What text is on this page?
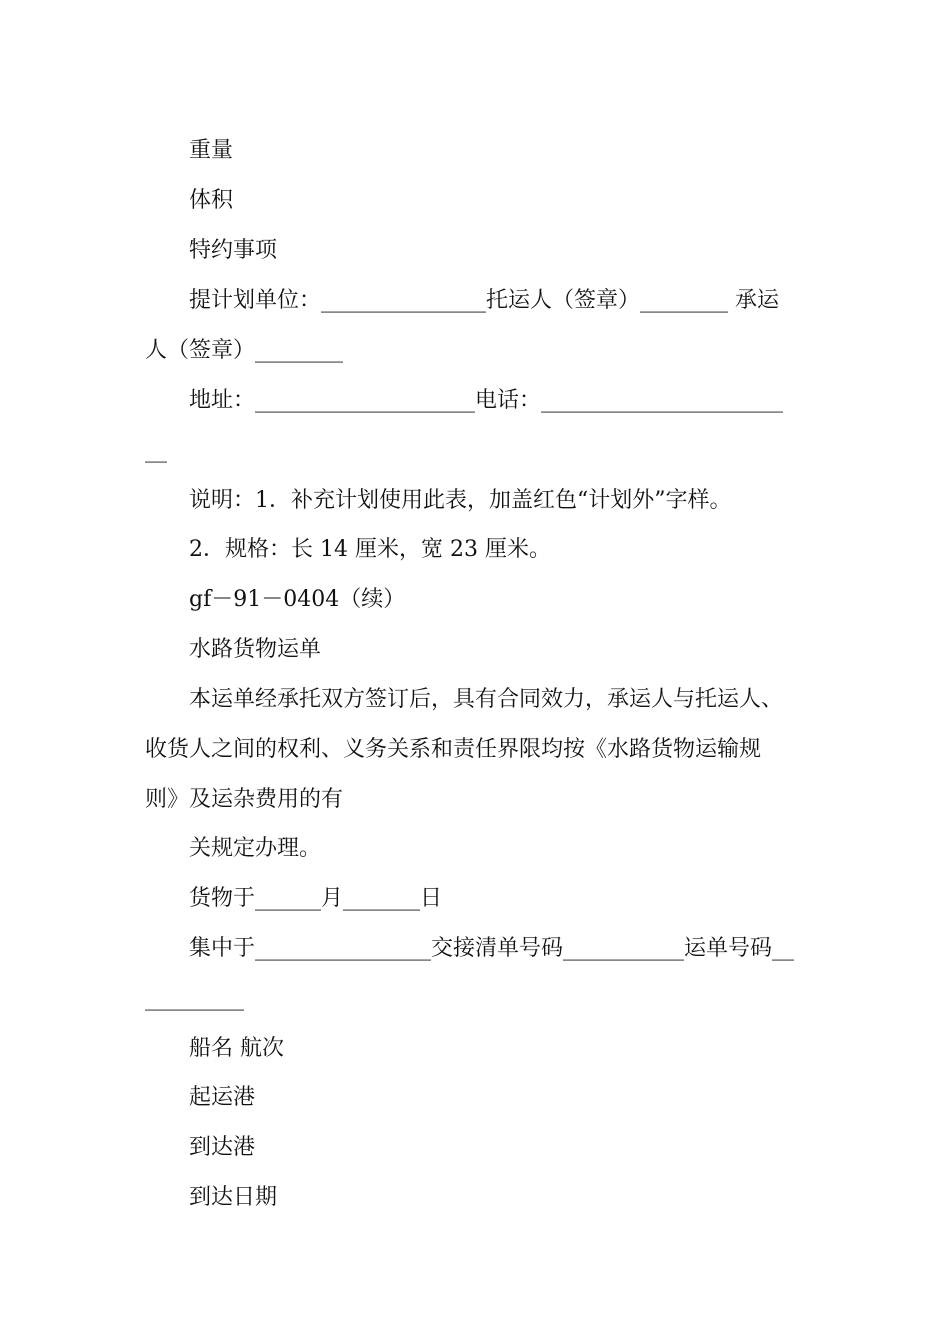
重量
体积
特约事项
提计划单位：_______________托运人（签章）________ 承运
人（签章）________
地址：____________________电话：______________________
__
说明：1．补充计划使用此表，加盖红色“计划外”字样。
2．规格：长 14 厘米，宽 23 厘米。
gf－91－0404（续）
水路货物运单
本运单经承托双方签订后，具有合同效力，承运人与托运人、
收货人之间的权利、义务关系和责任界限均按《水路货物运输规
则》及运杂费用的有
关规定办理。
货物于______月_______日
集中于________________交接清单号码___________运单号码__
_________
船名 航次
起运港
到达港
到达日期
